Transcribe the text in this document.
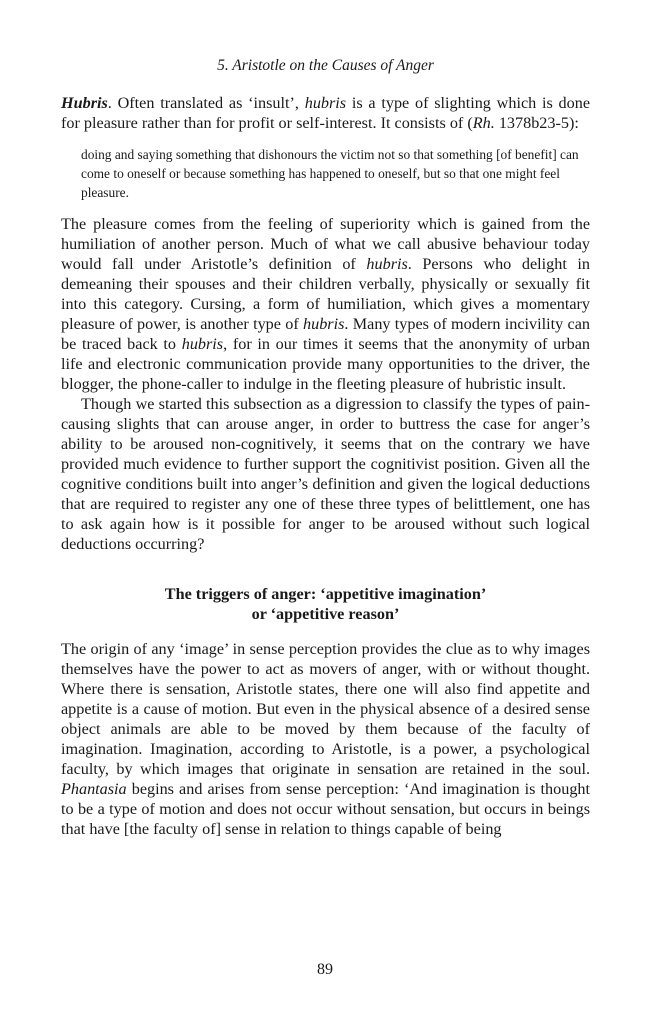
5. Aristotle on the Causes of Anger

Hubris. Often translated as ‘insult’, hubris is a type of slighting which is done for pleasure rather than for profit or self-interest. It consists of (Rh. 1378b23-5):

doing and saying something that dishonours the victim not so that something [of benefit] can come to oneself or because something has happened to oneself, but so that one might feel pleasure.

The pleasure comes from the feeling of superiority which is gained from the humiliation of another person. Much of what we call abusive behaviour today would fall under Aristotle’s definition of hubris. Persons who delight in demeaning their spouses and their children verbally, physically or sexually fit into this category. Cursing, a form of humiliation, which gives a momentary pleasure of power, is another type of hubris. Many types of modern incivility can be traced back to hubris, for in our times it seems that the anonymity of urban life and electronic communication provide many opportunities to the driver, the blogger, the phone-caller to indulge in the fleeting pleasure of hubristic insult.

Though we started this subsection as a digression to classify the types of pain-causing slights that can arouse anger, in order to buttress the case for anger’s ability to be aroused non-cognitively, it seems that on the contrary we have provided much evidence to further support the cognitivist position. Given all the cognitive conditions built into anger’s definition and given the logical deductions that are required to register any one of these three types of belittlement, one has to ask again how is it possible for anger to be aroused without such logical deductions occurring?

The triggers of anger: ‘appetitive imagination’
or ‘appetitive reason’

The origin of any ‘image’ in sense perception provides the clue as to why images themselves have the power to act as movers of anger, with or without thought. Where there is sensation, Aristotle states, there one will also find appetite and appetite is a cause of motion. But even in the physical absence of a desired sense object animals are able to be moved by them because of the faculty of imagination. Imagination, according to Aristotle, is a power, a psychological faculty, by which images that originate in sensation are retained in the soul. Phantasia begins and arises from sense perception: ‘And imagination is thought to be a type of motion and does not occur without sensation, but occurs in beings that have [the faculty of] sense in relation to things capable of being

89
